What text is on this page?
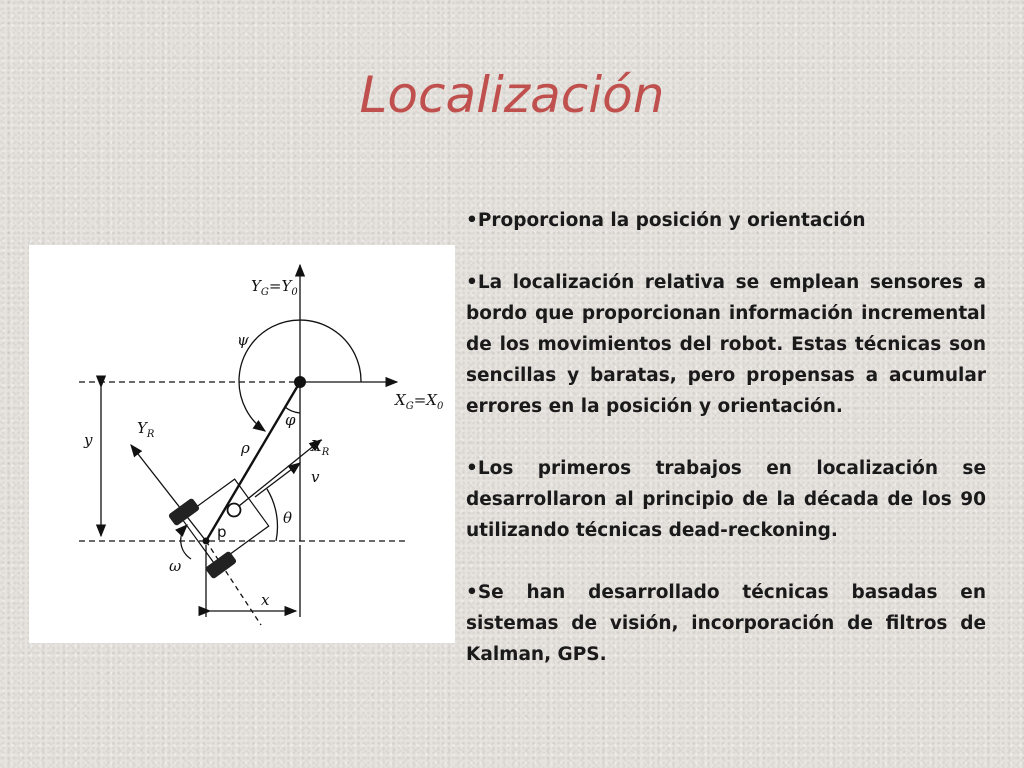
Localización
$Y_G=Y_0$
$X_G=X_0$
$Y_R$
$X_R$
ψ
φ
ρ
v
θ
ω
p
y
x

•Proporciona la posición y orientación

•La localización relativa se emplean sensores a bordo que proporcionan información incremental de los movimientos del robot. Estas técnicas son sencillas y baratas, pero propensas a acumular errores en la posición y orientación.

•Los primeros trabajos en localización se desarrollaron al principio de la década de los 90 utilizando técnicas dead-reckoning.

•Se han desarrollado técnicas basadas en sistemas de visión, incorporación de filtros de Kalman, GPS.
